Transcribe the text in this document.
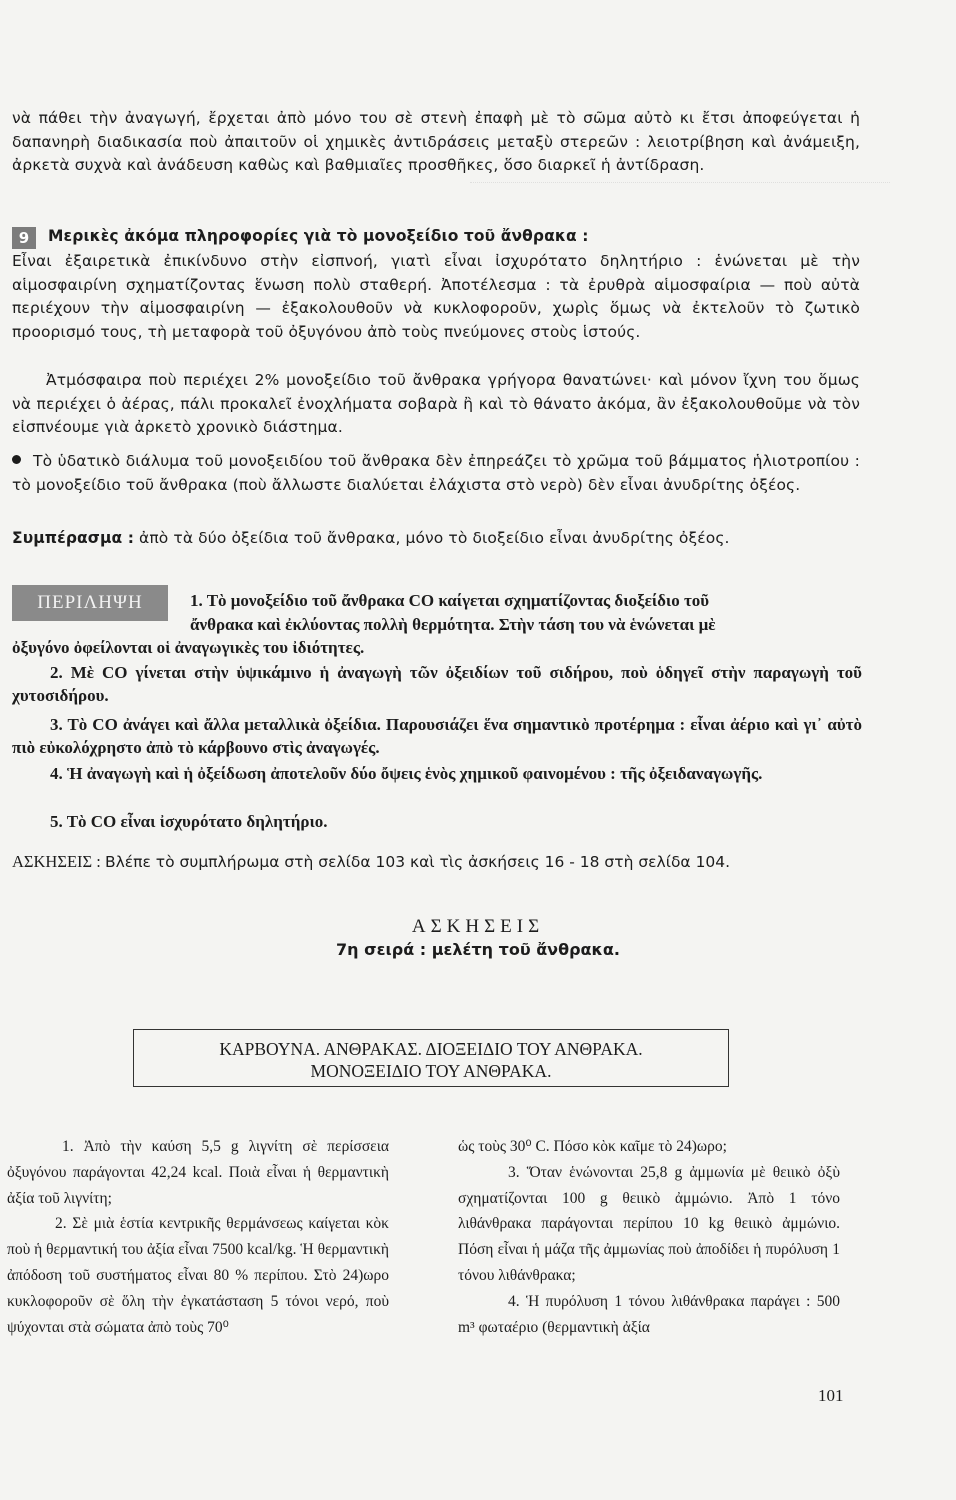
νὰ πάθει τὴν ἀναγωγή, ἔρχεται ἀπὸ μόνο του σὲ στενὴ ἐπαφὴ μὲ τὸ σῶμα αὐτὸ κι ἔτσι ἀποφεύγεται ἡ δαπανηρὴ διαδικασία ποὺ ἀπαιτοῦν οἱ χημικὲς ἀντιδράσεις μεταξὺ στερεῶν : λειοτρίβηση καὶ ἀνάμειξη, ἀρκετὰ συχνὰ καὶ ἀνάδευση καθὼς καὶ βαθμιαῖες προσθῆκες, ὅσο διαρκεῖ ἡ ἀντίδραση.
9 Μερικὲς ἀκόμα πληροφορίες γιὰ τὸ μονοξείδιο τοῦ ἄνθρακα :
Εἶναι ἐξαιρετικὰ ἐπικίνδυνο στὴν εἰσπνοή, γιατὶ εἶναι ἰσχυρότατο δηλητήριο : ἑνώνεται μὲ τὴν αἱμοσφαιρίνη σχηματίζοντας ἕνωση πολὺ σταθερή. Ἀποτέλεσμα : τὰ ἐρυθρὰ αἱμοσφαίρια — ποὺ αὐτὰ περιέχουν τὴν αἱμοσφαιρίνη — ἐξακολουθοῦν νὰ κυκλοφοροῦν, χωρὶς ὅμως νὰ ἐκτελοῦν τὸ ζωτικὸ προορισμό τους, τὴ μεταφορὰ τοῦ ὀξυγόνου ἀπὸ τοὺς πνεύμονες στοὺς ἱστούς.
Ἀτμόσφαιρα ποὺ περιέχει 2% μονοξείδιο τοῦ ἄνθρακα γρήγορα θανατώνει· καὶ μόνον ἴχνη του ὅμως νὰ περιέχει ὁ ἀέρας, πάλι προκαλεῖ ἐνοχλήματα σοβαρὰ ἢ καὶ τὸ θάνατο ἀκόμα, ἂν ἐξακολουθοῦμε νὰ τὸν εἰσπνέουμε γιὰ ἀρκετὸ χρονικὸ διάστημα.
Τὸ ὑδατικὸ διάλυμα τοῦ μονοξειδίου τοῦ ἄνθρακα δὲν ἐπηρεάζει τὸ χρῶμα τοῦ βάμματος ἡλιοτροπίου : τὸ μονοξείδιο τοῦ ἄνθρακα (ποὺ ἄλλωστε διαλύεται ἐλάχιστα στὸ νερὸ) δὲν εἶναι ἀνυδρίτης ὀξέος.
Συμπέρασμα : ἀπὸ τὰ δύο ὀξείδια τοῦ ἄνθρακα, μόνο τὸ διοξείδιο εἶναι ἀνυδρίτης ὀξέος.
ΠΕΡΙΛΗΨΗ	1. Τὸ μονοξείδιο τοῦ ἄνθρακα CO καίγεται σχηματίζοντας διοξείδιο τοῦ
ἄνθρακα καὶ ἐκλύοντας πολλὴ θερμότητα. Στὴν τάση του νὰ ἑνώνεται μὲ
ὀξυγόνο ὀφείλονται οἱ ἀναγωγικὲς του ἰδιότητες.
2. Μὲ CO γίνεται στὴν ὑψικάμινο ἡ ἀναγωγὴ τῶν ὀξειδίων τοῦ σιδήρου, ποὺ ὁδηγεῖ στὴν παραγωγὴ τοῦ χυτοσιδήρου.
3. Τὸ CO ἀνάγει καὶ ἄλλα μεταλλικὰ ὀξείδια. Παρουσιάζει ἕνα σημαντικὸ προτέρημα : εἶναι ἀέριο καὶ γι᾿ αὐτὸ πιὸ εὐκολόχρηστο ἀπὸ τὸ κάρβουνο στὶς ἀναγωγές.
4. Ἡ ἀναγωγὴ καὶ ἡ ὀξείδωση ἀποτελοῦν δύο ὄψεις ἑνὸς χημικοῦ φαινομένου : τῆς ὀξειδαναγωγῆς.
5. Τὸ CO εἶναι ἰσχυρότατο δηλητήριο.
ΑΣΚΗΣΕΙΣ : Βλέπε τὸ συμπλήρωμα στὴ σελίδα 103 καὶ τὶς ἀσκήσεις 16 - 18 στὴ σελίδα 104.
ΑΣΚΗΣΕΙΣ
7η σειρά : μελέτη τοῦ ἄνθρακα.
ΚΑΡΒΟΥΝΑ. ΑΝΘΡΑΚΑΣ. ΔΙΟΞΕΙΔΙΟ ΤΟΥ ΑΝΘΡΑΚΑ.
ΜΟΝΟΞΕΙΔΙΟ ΤΟΥ ΑΝΘΡΑΚΑ.

1. Ἀπὸ τὴν καύση 5,5 g λιγνίτη σὲ περίσσεια ὀξυγόνου παράγονται 42,24 kcal. Ποιὰ εἶναι ἡ θερμαντικὴ ἀξία τοῦ λιγνίτη;

2. Σὲ μιὰ ἑστία κεντρικῆς θερμάνσεως καίγεται κὸκ ποὺ ἡ θερμαντική του ἀξία εἶναι 7500 kcal/kg. Ἡ θερμαντικὴ ἀπόδοση τοῦ συστήματος εἶναι 80 % περίπου. Στὸ 24)ωρο κυκλοφοροῦν σὲ ὅλη τὴν ἐγκατάσταση 5 τόνοι νερό, ποὺ ψύχονται στὰ σώματα ἀπὸ τοὺς 70⁰

ὡς τοὺς 30⁰ C. Πόσο κὸκ καῖμε τὸ 24)ωρο;

3. Ὅταν ἑνώνονται 25,8 g ἀμμωνία μὲ θειικὸ ὀξὺ σχηματίζονται 100 g θειικὸ ἀμμώνιο. Ἀπὸ 1 τόνο λιθάνθρακα παράγονται περίπου 10 kg θειικὸ ἀμμώνιο. Πόση εἶναι ἡ μάζα τῆς ἀμμωνίας ποὺ ἀποδίδει ἡ πυρόλυση 1 τόνου λιθάνθρακα;

4. Ἡ πυρόλυση 1 τόνου λιθάνθρακα παράγει : 500 m³ φωταέριο (θερμαντικὴ ἀξία

101
